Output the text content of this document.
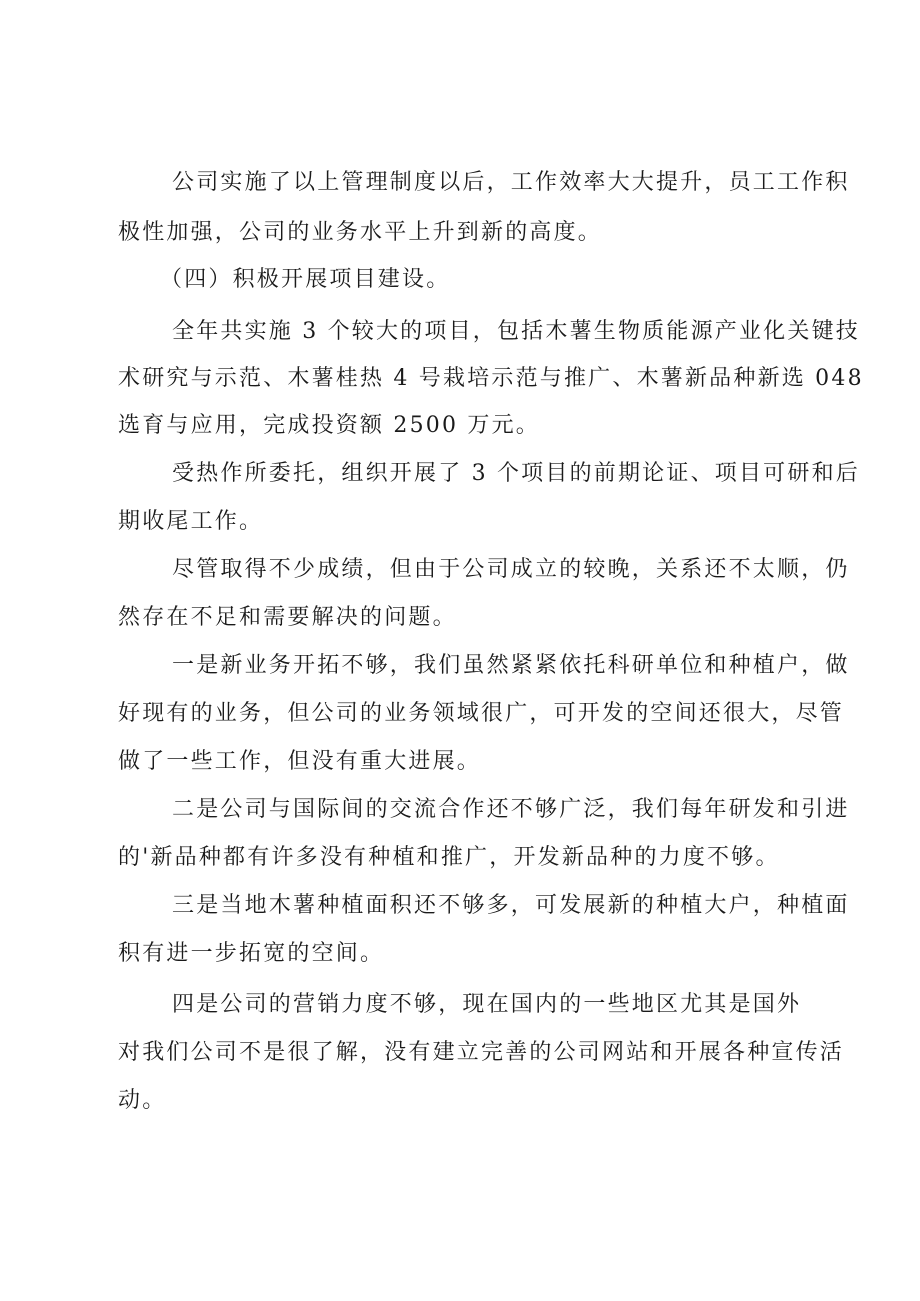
公司实施了以上管理制度以后，工作效率大大提升，员工工作积
极性加强，公司的业务水平上升到新的高度。
（四）积极开展项目建设。
全年共实施 3 个较大的项目，包括木薯生物质能源产业化关键技
术研究与示范、木薯桂热 4 号栽培示范与推广、木薯新品种新选 048
选育与应用，完成投资额 2500 万元。
受热作所委托，组织开展了 3 个项目的前期论证、项目可研和后
期收尾工作。
尽管取得不少成绩，但由于公司成立的较晚，关系还不太顺，仍
然存在不足和需要解决的问题。
一是新业务开拓不够，我们虽然紧紧依托科研单位和种植户，做
好现有的业务，但公司的业务领域很广，可开发的空间还很大，尽管
做了一些工作，但没有重大进展。
二是公司与国际间的交流合作还不够广泛，我们每年研发和引进
的'新品种都有许多没有种植和推广，开发新品种的力度不够。
三是当地木薯种植面积还不够多，可发展新的种植大户，种植面
积有进一步拓宽的空间。
四是公司的营销力度不够，现在国内的一些地区尤其是国外
对我们公司不是很了解，没有建立完善的公司网站和开展各种宣传活
动。
